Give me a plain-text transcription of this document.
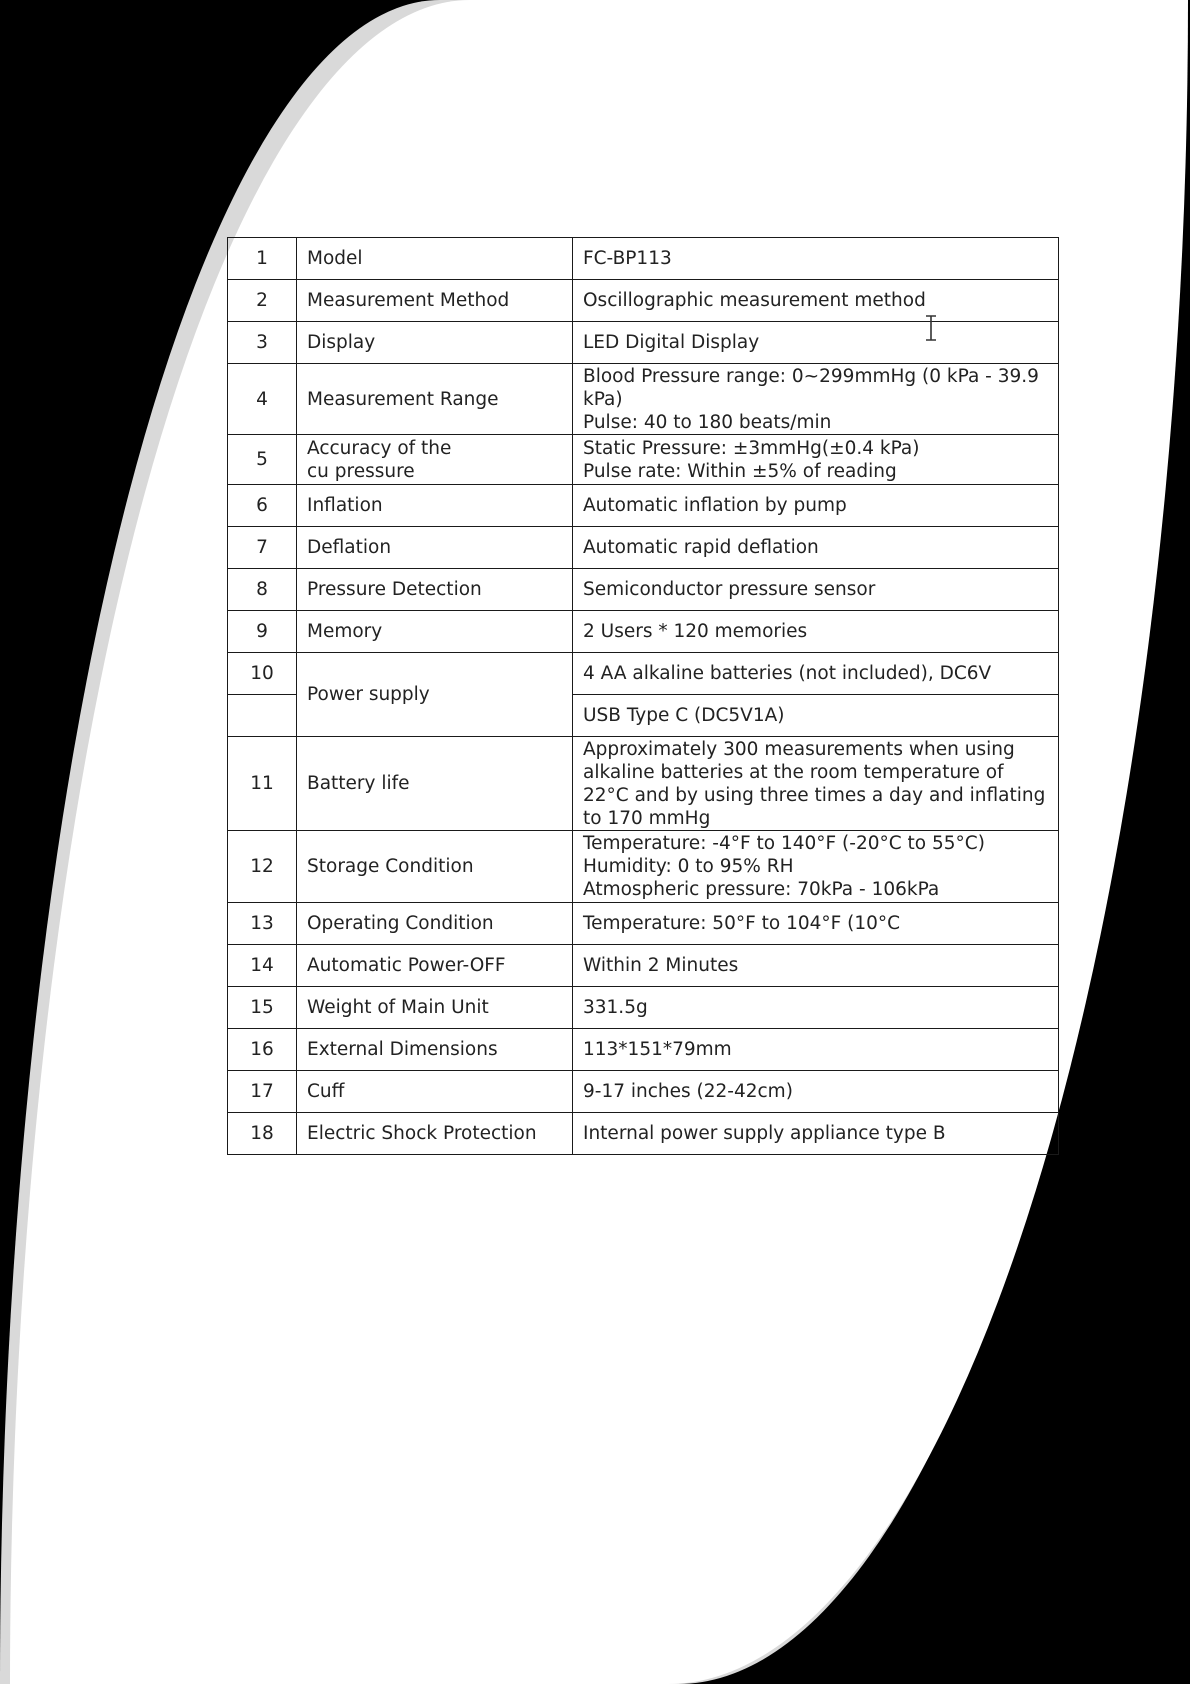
1	Model	FC-BP113

2	Measurement Method	Oscillographic measurement method

3	Display	LED Digital Display

4	Measurement Range	Blood Pressure range: 0~299mmHg (0 kPa - 39.9
kPa)
Pulse: 40 to 180 beats/min

5	Accuracy of the
cu pressure	Static Pressure: ±3mmHg(±0.4 kPa)
Pulse rate: Within ±5% of reading

6	Inflation	Automatic inflation by pump

7	Deflation	Automatic rapid deflation

8	Pressure Detection	Semiconductor pressure sensor

9	Memory	2 Users * 120 memories

10	Power supply	4 AA alkaline batteries (not included), DC6V

		USB Type C (DC5V1A)

11	Battery life	Approximately 300 measurements when using
alkaline batteries at the room temperature of
22°C and by using three times a day and inflating
to 170 mmHg

12	Storage Condition	Temperature: -4°F to 140°F (-20°C to 55°C)
Humidity: 0 to 95% RH
Atmospheric pressure: 70kPa - 106kPa

13	Operating Condition	Temperature: 50°F to 104°F (10°C

14	Automatic Power-OFF	Within 2 Minutes

15	Weight of Main Unit	331.5g

16	External Dimensions	113*151*79mm

17	Cuff	9-17 inches (22-42cm)

18	Electric Shock Protection	Internal power supply appliance type B
